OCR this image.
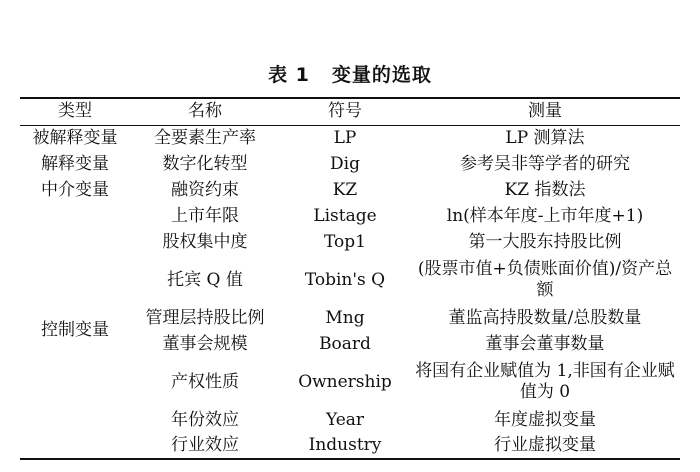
表 1 变量的选取
类型	名称	符号	测量
被解释变量	全要素生产率	LP	LP 测算法
解释变量	数字化转型	Dig	参考吴非等学者的研究
中介变量	融资约束	KZ	KZ 指数法
控制变量	上市年限	Listage	ln(样本年度-上市年度+1)
	股权集中度	Top1	第一大股东持股比例
	托宾 Q 值	Tobin's Q	(股票市值+负债账面价值)/资产总额
	管理层持股比例	Mng	董监高持股数量/总股数量
	董事会规模	Board	董事会董事数量
	产权性质	Ownership	将国有企业赋值为 1,非国有企业赋值为 0
	年份效应	Year	年度虚拟变量
	行业效应	Industry	行业虚拟变量
